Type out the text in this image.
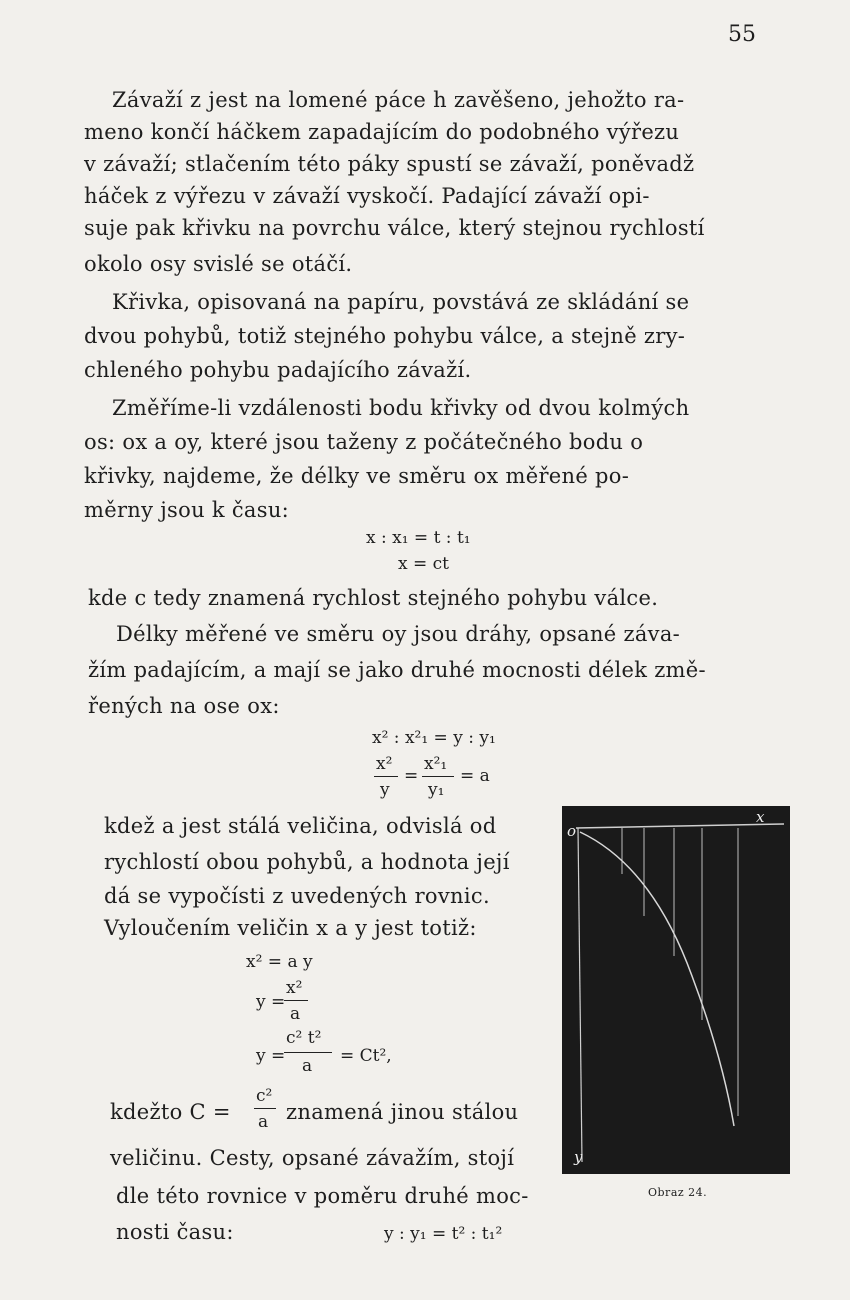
55
Závaží z jest na lomené páce h zavěšeno, jehožto ra-
meno končí háčkem zapadajícím do podobného výřezu
v závaží; stlačením této páky spustí se závaží, poněvadž
háček z výřezu v závaží vyskočí. Padající závaží opi-
suje pak křivku na povrchu válce, který stejnou rychlostí
okolo osy svislé se otáčí.
Křivka, opisovaná na papíru, povstává ze skládání se
dvou pohybů, totiž stejného pohybu válce, a stejně zry-
chleného pohybu padajícího závaží.
Změříme-li vzdálenosti bodu křivky od dvou kolmých
os: ox a oy, které jsou taženy z počátečného bodu o
křivky, najdeme, že délky ve směru ox měřené po-
měrny jsou k času:
x : x₁ = t : t₁
x = ct
kde c tedy znamená rychlost stejného pohybu válce.
Délky měřené ve směru oy jsou dráhy, opsané záva-
žím padajícím, a mají se jako druhé mocnosti délek změ-
řených na ose ox:
x² : x²₁ = y : y₁
x²
y
=
x²₁
y₁
= a
kdež a jest stálá veličina, odvislá od
rychlostí obou pohybů, a hodnota její
dá se vypočísti z uvedených rovnic.
Vyloučením veličin x a y jest totiž:
x² = a y
y =
x²
a
y =
c² t²
a = Ct²,
kdežto C =
c²
a znamená jinou stálou
veličinu. Cesty, opsané závažím, stojí
dle této rovnice v poměru druhé moc-
nosti času:	y : y₁ = t² : t₁²
o
x
y
Obraz 24.
